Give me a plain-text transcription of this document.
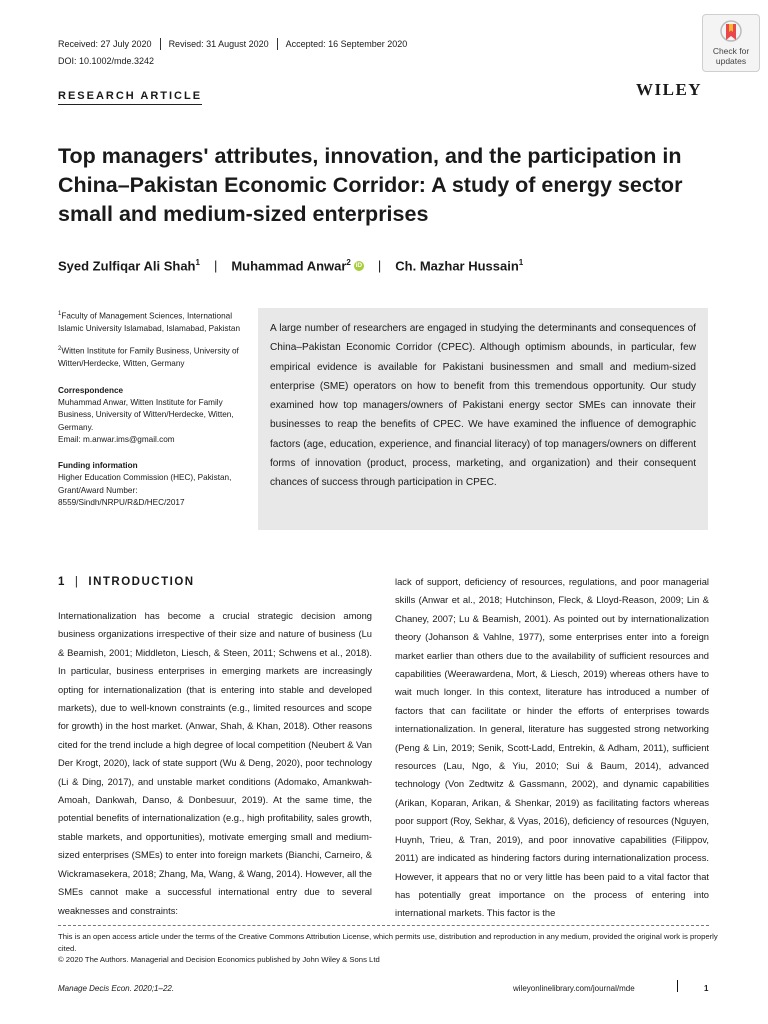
Received: 27 July 2020 Revised: 31 August 2020 Accepted: 16 September 2020
DOI: 10.1002/mde.3242
Check for
updates
RESEARCH ARTICLE	WILEY
Top managers' attributes, innovation, and the participation in China–Pakistan Economic Corridor: A study of energy sector small and medium-sized enterprises
Syed Zulfiqar Ali Shah$^1$ | Muhammad Anwar$^2$ iD | Ch. Mazhar Hussain$^1$

$^1$Faculty of Management Sciences, International Islamic University Islamabad, Islamabad, Pakistan

$^2$Witten Institute for Family Business, University of Witten/Herdecke, Witten, Germany

Correspondence

Muhammad Anwar, Witten Institute for Family Business, University of Witten/Herdecke, Witten, Germany.

Email: m.anwar.ims@gmail.com

Funding information

Higher Education Commission (HEC), Pakistan, Grant/Award Number: 8559/Sindh/NRPU/R&D/HEC/2017

A large number of researchers are engaged in studying the determinants and consequences of China–Pakistan Economic Corridor (CPEC). Although optimism abounds, in particular, few empirical evidence is available for Pakistani businessmen and small and medium-sized enterprise (SME) operators on how to benefit from this tremendous opportunity. Our study examined how top managers/owners of Pakistani energy sector SMEs can innovate their businesses to reap the benefits of CPEC. We have examined the influence of demographic factors (age, education, experience, and financial literacy) of top managers/owners on different forms of innovation (product, process, marketing, and organization) and their consequent chances of success through participation in CPEC.
1 | INTRODUCTION
Internationalization has become a crucial strategic decision among business organizations irrespective of their size and nature of business (Lu & Beamish, 2001; Middleton, Liesch, & Steen, 2011; Schwens et al., 2018). In particular, business enterprises in emerging markets are increasingly opting for internationalization (that is entering into stable and developed markets), due to well-known constraints (e.g., limited resources and scope for growth) in the host market. (Anwar, Shah, & Khan, 2018). Other reasons cited for the trend include a high degree of local competition (Neubert & Van Der Krogt, 2020), lack of state support (Wu & Deng, 2020), poor technology (Li & Ding, 2017), and unstable market conditions (Adomako, Amankwah-Amoah, Dankwah, Danso, & Donbesuur, 2019). At the same time, the potential benefits of internationalization (e.g., high profitability, sales growth, stable markets, and opportunities), motivate emerging small and medium-sized enterprises (SMEs) to enter into foreign markets (Bianchi, Carneiro, & Wickramasekera, 2018; Zhang, Ma, Wang, & Wang, 2014). However, all the SMEs cannot make a successful international entry due to several weaknesses and constraints:
lack of support, deficiency of resources, regulations, and poor managerial skills (Anwar et al., 2018; Hutchinson, Fleck, & Lloyd-Reason, 2009; Lin & Chaney, 2007; Lu & Beamish, 2001). As pointed out by internationalization theory (Johanson & Vahlne, 1977), some enterprises enter into a foreign market earlier than others due to the availability of sufficient resources and capabilities (Weerawardena, Mort, & Liesch, 2019) whereas others have to wait much longer. In this context, literature has introduced a number of factors that can facilitate or hinder the efforts of enterprises towards internationalization. In general, literature has suggested strong networking (Peng & Lin, 2019; Senik, Scott-Ladd, Entrekin, & Adham, 2011), sufficient resources (Lau, Ngo, & Yiu, 2010; Sui & Baum, 2014), advanced technology (Von Zedtwitz & Gassmann, 2002), and dynamic capabilities (Arikan, Koparan, Arikan, & Shenkar, 2019) as facilitating factors whereas poor support (Roy, Sekhar, & Vyas, 2016), deficiency of resources (Nguyen, Huynh, Trieu, & Tran, 2019), and poor innovative capabilities (Filippov, 2011) are indicated as hindering factors during internationalization process. However, it appears that no or very little has been paid to a vital factor that has potentially great importance on the process of entering into international markets. This factor is the

This is an open access article under the terms of the Creative Commons Attribution License, which permits use, distribution and reproduction in any medium, provided the original work is properly cited.

© 2020 The Authors. Managerial and Decision Economics published by John Wiley & Sons Ltd

Manage Decis Econ. 2020;1–22.	wileyonlinelibrary.com/journal/mde	1
